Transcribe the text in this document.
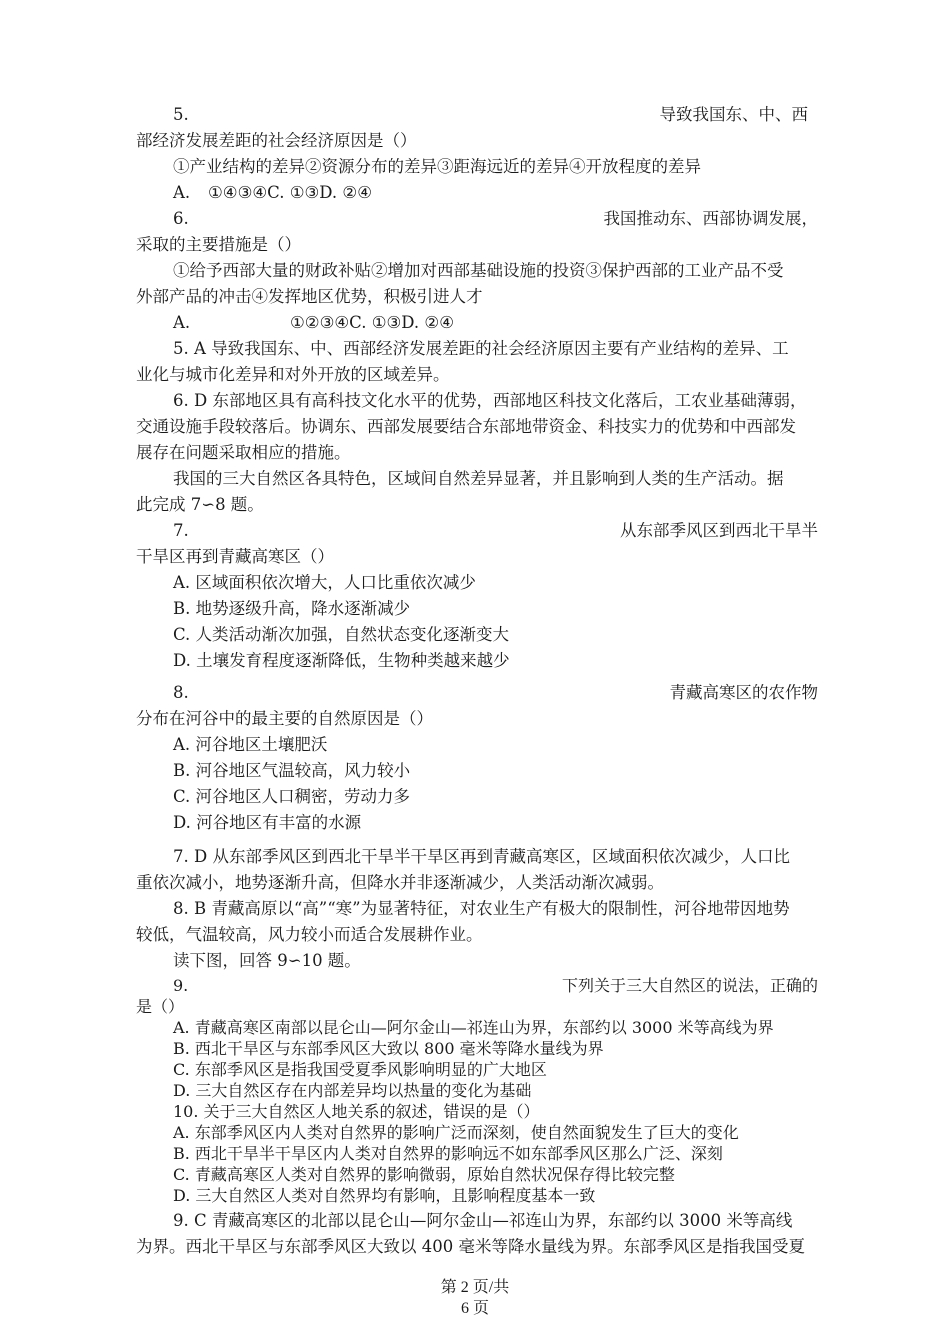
5.	导致我国东、中、西
部经济发展差距的社会经济原因是（）
①产业结构的差异②资源分布的差异③距海远近的差异④开放程度的差异
A. ①④③④C. ①③D. ②④
6.	我国推动东、西部协调发展，
采取的主要措施是（）
①给予西部大量的财政补贴②增加对西部基础设施的投资③保护西部的工业产品不受
外部产品的冲击④发挥地区优势，积极引进人才
A.	①②③④C. ①③D. ②④
5. A 导致我国东、中、西部经济发展差距的社会经济原因主要有产业结构的差异、工
业化与城市化差异和对外开放的区域差异。
6. D 东部地区具有高科技文化水平的优势，西部地区科技文化落后，工农业基础薄弱，
交通设施手段较落后。协调东、西部发展要结合东部地带资金、科技实力的优势和中西部发
展存在问题采取相应的措施。
我国的三大自然区各具特色，区域间自然差异显著，并且影响到人类的生产活动。据
此完成 7∽8 题。
7.	从东部季风区到西北干旱半
干旱区再到青藏高寒区（）
A. 区域面积依次增大，人口比重依次减少
B. 地势逐级升高，降水逐渐减少
C. 人类活动渐次加强，自然状态变化逐渐变大
D. 土壤发育程度逐渐降低，生物种类越来越少
8.	青藏高寒区的农作物
分布在河谷中的最主要的自然原因是（）
A. 河谷地区土壤肥沃
B. 河谷地区气温较高，风力较小
C. 河谷地区人口稠密，劳动力多
D. 河谷地区有丰富的水源
7. D 从东部季风区到西北干旱半干旱区再到青藏高寒区，区域面积依次减少，人口比
重依次减小，地势逐渐升高，但降水并非逐渐减少，人类活动渐次减弱。
8. B 青藏高原以“高”“寒”为显著特征，对农业生产有极大的限制性，河谷地带因地势
较低，气温较高，风力较小而适合发展耕作业。
读下图，回答 9∽10 题。
9.	下列关于三大自然区的说法，正确的
是（）
A. 青藏高寒区南部以昆仑山—阿尔金山—祁连山为界，东部约以 3000 米等高线为界
B. 西北干旱区与东部季风区大致以 800 毫米等降水量线为界
C. 东部季风区是指我国受夏季风影响明显的广大地区
D. 三大自然区存在内部差异均以热量的变化为基础
10. 关于三大自然区人地关系的叙述，错误的是（）
A. 东部季风区内人类对自然界的影响广泛而深刻，使自然面貌发生了巨大的变化
B. 西北干旱半干旱区内人类对自然界的影响远不如东部季风区那么广泛、深刻
C. 青藏高寒区人类对自然界的影响微弱，原始自然状况保存得比较完整
D. 三大自然区人类对自然界均有影响，且影响程度基本一致
9. C 青藏高寒区的北部以昆仑山—阿尔金山—祁连山为界，东部约以 3000 米等高线
为界。西北干旱区与东部季风区大致以 400 毫米等降水量线为界。东部季风区是指我国受夏
第 2 页/共
6 页
